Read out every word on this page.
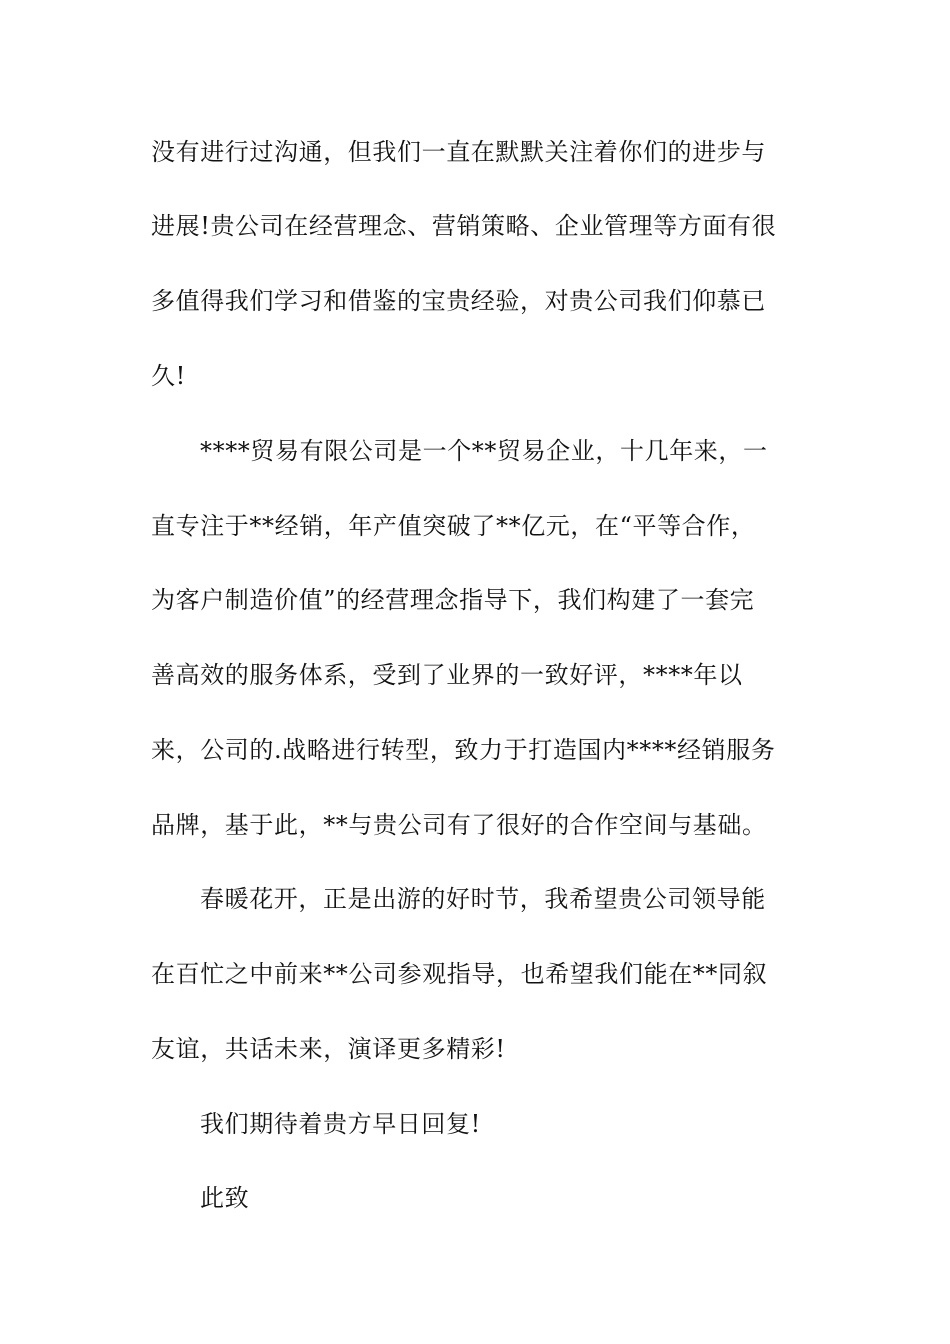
没有进行过沟通，但我们一直在默默关注着你们的进步与
进展!贵公司在经营理念、营销策略、企业管理等方面有很
多值得我们学习和借鉴的宝贵经验，对贵公司我们仰慕已
久!
****贸易有限公司是一个**贸易企业，十几年来，一
直专注于**经销，年产值突破了**亿元，在“平等合作，
为客户制造价值”的经营理念指导下，我们构建了一套完
善高效的服务体系，受到了业界的一致好评，****年以
来，公司的.战略进行转型，致力于打造国内****经销服务
品牌，基于此，**与贵公司有了很好的合作空间与基础。
春暖花开，正是出游的好时节，我希望贵公司领导能
在百忙之中前来**公司参观指导，也希望我们能在**同叙
友谊，共话未来，演译更多精彩!
我们期待着贵方早日回复!
此致
